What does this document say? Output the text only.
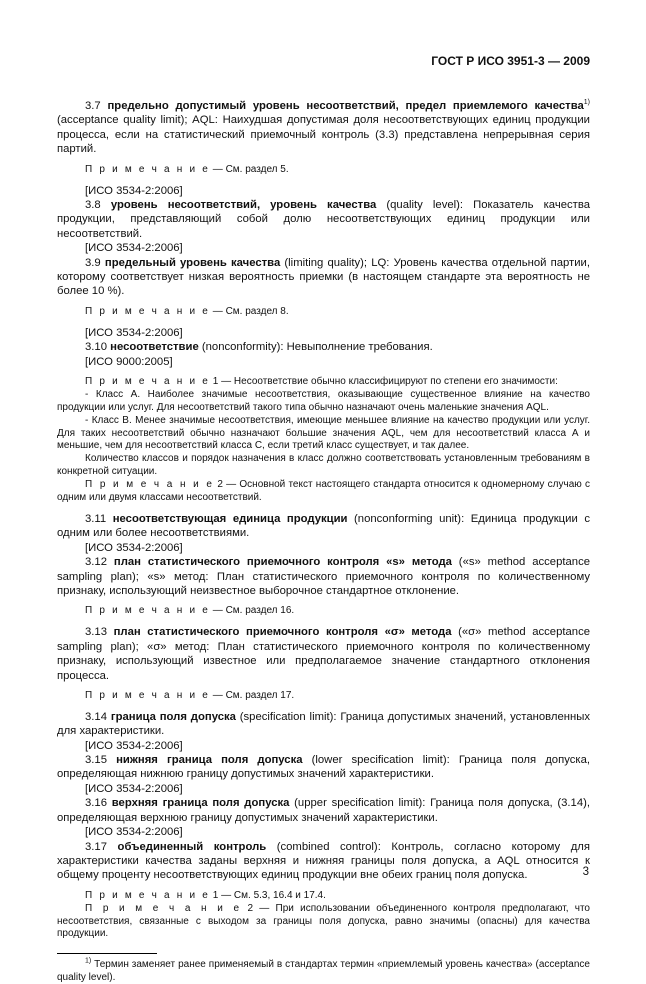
ГОСТ Р ИСО 3951-3 — 2009

3.7 предельно допустимый уровень несоответствий, предел приемлемого качества$^{1)}$ (acceptance quality limit); AQL: Наихудшая допустимая доля несоответствующих единиц продукции процесса, если на статистический приемочный контроль (3.3) представлена непрерывная серия партий.

П р и м е ч а н и е — См. раздел 5.

[ИСО 3534-2:2006]

3.8 уровень несоответствий, уровень качества (quality level): Показатель качества продукции, представляющий собой долю несоответствующих единиц продукции или несоответствий.

[ИСО 3534-2:2006]

3.9 предельный уровень качества (limiting quality); LQ: Уровень качества отдельной партии, которому соответствует низкая вероятность приемки (в настоящем стандарте эта вероятность не более 10 %).

П р и м е ч а н и е — См. раздел 8.

[ИСО 3534-2:2006]

3.10 несоответствие (nonconformity): Невыполнение требования.

[ИСО 9000:2005]

П р и м е ч а н и е 1 — Несоответствие обычно классифицируют по степени его значимости:

- Класс А. Наиболее значимые несоответствия, оказывающие существенное влияние на качество продукции или услуг. Для несоответствий такого типа обычно назначают очень маленькие значения AQL.

- Класс В. Менее значимые несоответствия, имеющие меньшее влияние на качество продукции или услуг. Для таких несоответствий обычно назначают большие значения AQL, чем для несоответствий класса А и меньшие, чем для несоответствий класса С, если третий класс существует, и так далее.

Количество классов и порядок назначения в класс должно соответствовать установленным требованиям в конкретной ситуации.

П р и м е ч а н и е 2 — Основной текст настоящего стандарта относится к одномерному случаю с одним или двумя классами несоответствий.

3.11 несоответствующая единица продукции (nonconforming unit): Единица продукции с одним или более несоответствиями.

[ИСО 3534-2:2006]

3.12 план статистического приемочного контроля «s» метода («s» method acceptance sampling plan); «s» метод: План статистического приемочного контроля по количественному признаку, использующий неизвестное выборочное стандартное отклонение.

П р и м е ч а н и е — См. раздел 16.

3.13 план статистического приемочного контроля «σ» метода («σ» method acceptance sampling plan); «σ» метод: План статистического приемочного контроля по количественному признаку, использующий известное или предполагаемое значение стандартного отклонения процесса.

П р и м е ч а н и е — См. раздел 17.

3.14 граница поля допуска (specification limit): Граница допустимых значений, установленных для характеристики.

[ИСО 3534-2:2006]

3.15 нижняя граница поля допуска (lower specification limit): Граница поля допуска, определяющая нижнюю границу допустимых значений характеристики.

[ИСО 3534-2:2006]

3.16 верхняя граница поля допуска (upper specification limit): Граница поля допуска, (3.14), определяющая верхнюю границу допустимых значений характеристики.

[ИСО 3534-2:2006]

3.17 объединенный контроль (combined control): Контроль, согласно которому для характеристики качества заданы верхняя и нижняя границы поля допуска, а AQL относится к общему проценту несоответствующих единиц продукции вне обеих границ поля допуска.

П р и м е ч а н и е 1 — См. 5.3, 16.4 и 17.4.

П р и м е ч а н и е 2 — При использовании объединенного контроля предполагают, что несоответствия, связанные с выходом за границы поля допуска, равно значимы (опасны) для качества продукции.

$^{1)}$ Термин заменяет ранее применяемый в стандартах термин «приемлемый уровень качества» (acceptance quality level).

3
